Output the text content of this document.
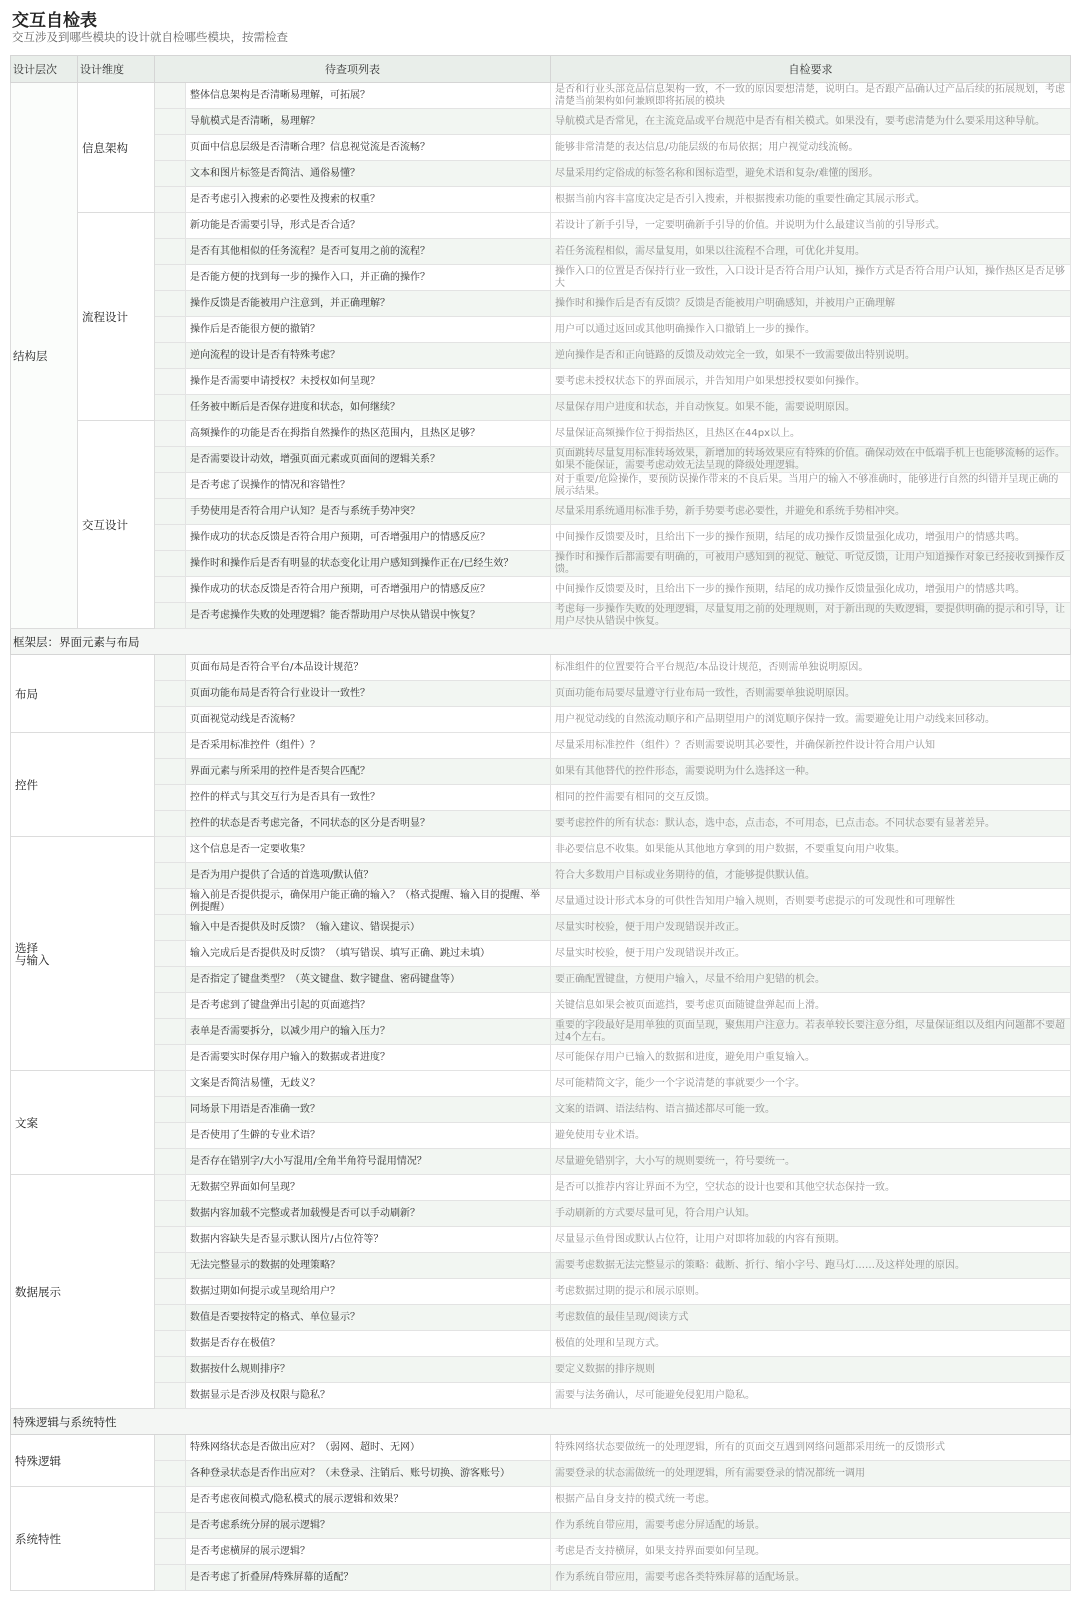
交互自检表
交互涉及到哪些模块的设计就自检哪些模块，按需检查
设计层次	设计维度	待查项列表		自检要求
结构层	信息架构		整体信息架构是否清晰易理解，可拓展？	是否和行业头部竞品信息架构一致，不一致的原因要想清楚，说明白。是否跟产品确认过产品后续的拓展规划，考虑清楚当前架构如何兼顾即将拓展的模块
			导航模式是否清晰，易理解？	导航模式是否常见，在主流竞品或平台规范中是否有相关模式。如果没有，要考虑清楚为什么要采用这种导航。
			页面中信息层级是否清晰合理？信息视觉流是否流畅？	能够非常清楚的表达信息/功能层级的布局依据；用户视觉动线流畅。
			文本和图片标签是否简洁、通俗易懂？	尽量采用约定俗成的标签名称和图标造型，避免术语和复杂/难懂的图形。
			是否考虑引入搜索的必要性及搜索的权重？	根据当前内容丰富度决定是否引入搜索，并根据搜索功能的重要性确定其展示形式。
	流程设计		新功能是否需要引导，形式是否合适？	若设计了新手引导，一定要明确新手引导的价值。并说明为什么最建议当前的引导形式。
			是否有其他相似的任务流程？是否可复用之前的流程？	若任务流程相似，需尽量复用，如果以往流程不合理，可优化并复用。
			是否能方便的找到每一步的操作入口，并正确的操作？	操作入口的位置是否保持行业一致性，入口设计是否符合用户认知，操作方式是否符合用户认知，操作热区是否足够大
			操作反馈是否能被用户注意到，并正确理解？	操作时和操作后是否有反馈？反馈是否能被用户明确感知，并被用户正确理解
			操作后是否能很方便的撤销？	用户可以通过返回或其他明确操作入口撤销上一步的操作。
			逆向流程的设计是否有特殊考虑？	逆向操作是否和正向链路的反馈及动效完全一致，如果不一致需要做出特别说明。
			操作是否需要申请授权？未授权如何呈现？	要考虑未授权状态下的界面展示，并告知用户如果想授权要如何操作。
			任务被中断后是否保存进度和状态，如何继续？	尽量保存用户进度和状态，并自动恢复。如果不能，需要说明原因。
	交互设计		高频操作的功能是否在拇指自然操作的热区范围内，且热区足够？	尽量保证高频操作位于拇指热区，且热区在44px以上。
			是否需要设计动效，增强页面元素或页面间的逻辑关系？	页面跳转尽量复用标准转场效果，新增加的转场效果应有特殊的价值。确保动效在中低端手机上也能够流畅的运作。如果不能保证，需要考虑动效无法呈现的降级处理逻辑。
			是否考虑了误操作的情况和容错性？	对于重要/危险操作，要预防误操作带来的不良后果。当用户的输入不够准确时，能够进行自然的纠错并呈现正确的展示结果。
			手势使用是否符合用户认知？是否与系统手势冲突？	尽量采用系统通用标准手势，新手势要考虑必要性，并避免和系统手势相冲突。
			操作成功的状态反馈是否符合用户预期，可否增强用户的情感反应？	中间操作反馈要及时，且给出下一步的操作预期，结尾的成功操作反馈量强化成功，增强用户的情感共鸣。
			操作时和操作后是否有明显的状态变化让用户感知到操作正在/已经生效？	操作时和操作后都需要有明确的，可被用户感知到的视觉、触觉、听觉反馈，让用户知道操作对象已经接收到操作反馈。
			操作成功的状态反馈是否符合用户预期，可否增强用户的情感反应？	中间操作反馈要及时，且给出下一步的操作预期，结尾的成功操作反馈量强化成功，增强用户的情感共鸣。
			是否考虑操作失败的处理逻辑？能否帮助用户尽快从错误中恢复？	考虑每一步操作失败的处理逻辑，尽量复用之前的处理规则，对于新出现的失败逻辑，要提供明确的提示和引导，让用户尽快从错误中恢复。
框架层：界面元素与布局				
布局			页面布局是否符合平台/本品设计规范？	标准组件的位置要符合平台规范/本品设计规范，否则需单独说明原因。
			页面功能布局是否符合行业设计一致性？	页面功能布局要尽量遵守行业布局一致性，否则需要单独说明原因。
			页面视觉动线是否流畅？	用户视觉动线的自然流动顺序和产品期望用户的浏览顺序保持一致。需要避免让用户动线来回移动。
控件			是否采用标准控件（组件）？	尽量采用标准控件（组件）？否则需要说明其必要性，并确保新控件设计符合用户认知
			界面元素与所采用的控件是否契合匹配？	如果有其他替代的控件形态，需要说明为什么选择这一种。
			控件的样式与其交互行为是否具有一致性？	相同的控件需要有相同的交互反馈。
			控件的状态是否考虑完备，不同状态的区分是否明显？	要考虑控件的所有状态：默认态，选中态，点击态，不可用态，已点击态。不同状态要有显著差异。
选择
与输入			这个信息是否一定要收集？	非必要信息不收集。如果能从其他地方拿到的用户数据，不要重复向用户收集。
			是否为用户提供了合适的首选项/默认值？	符合大多数用户目标或业务期待的值，才能够提供默认值。
			输入前是否提供提示，确保用户能正确的输入？（格式提醒、输入目的提醒、举例提醒）	尽量通过设计形式本身的可供性告知用户输入规则，否则要考虑提示的可发现性和可理解性
			输入中是否提供及时反馈？（输入建议、错误提示）	尽量实时校验，便于用户发现错误并改正。
			输入完成后是否提供及时反馈？（填写错误、填写正确、跳过未填）	尽量实时校验，便于用户发现错误并改正。
			是否指定了键盘类型？（英文键盘、数字键盘、密码键盘等）	要正确配置键盘，方便用户输入，尽量不给用户犯错的机会。
			是否考虑到了键盘弹出引起的页面遮挡？	关键信息如果会被页面遮挡，要考虑页面随键盘弹起而上滑。
			表单是否需要拆分，以减少用户的输入压力？	重要的字段最好是用单独的页面呈现，聚焦用户注意力。若表单较长要注意分组，尽量保证组以及组内问题都不要超过4个左右。
			是否需要实时保存用户输入的数据或者进度？	尽可能保存用户已输入的数据和进度，避免用户重复输入。
文案			文案是否简洁易懂，无歧义？	尽可能精简文字，能少一个字说清楚的事就要少一个字。
			同场景下用语是否准确一致？	文案的语调、语法结构、语言描述都尽可能一致。
			是否使用了生僻的专业术语？	避免使用专业术语。
			是否存在错别字/大小写混用/全角半角符号混用情况？	尽量避免错别字，大小写的规则要统一，符号要统一。
数据展示			无数据空界面如何呈现？	是否可以推荐内容让界面不为空，空状态的设计也要和其他空状态保持一致。
			数据内容加载不完整或者加载慢是否可以手动刷新？	手动刷新的方式要尽量可见，符合用户认知。
			数据内容缺失是否显示默认图片/占位符等？	尽量显示鱼骨图或默认占位符，让用户对即将加载的内容有预期。
			无法完整显示的数据的处理策略？	需要考虑数据无法完整显示的策略：截断、折行、缩小字号、跑马灯……及这样处理的原因。
			数据过期如何提示或呈现给用户？	考虑数据过期的提示和展示原则。
			数值是否要按特定的格式、单位显示？	考虑数值的最佳呈现/阅读方式
			数据是否存在极值？	极值的处理和呈现方式。
			数据按什么规则排序？	要定义数据的排序规则
			数据显示是否涉及权限与隐私？	需要与法务确认，尽可能避免侵犯用户隐私。
特殊逻辑与系统特性				
特殊逻辑			特殊网络状态是否做出应对？（弱网、超时、无网）	特殊网络状态要做统一的处理逻辑，所有的页面交互遇到网络问题都采用统一的反馈形式
			各种登录状态是否作出应对？（未登录、注销后、账号切换、游客账号）	需要登录的状态需做统一的处理逻辑，所有需要登录的情况都统一调用
系统特性			是否考虑夜间模式/隐私模式的展示逻辑和效果？	根据产品自身支持的模式统一考虑。
			是否考虑系统分屏的展示逻辑？	作为系统自带应用，需要考虑分屏适配的场景。
			是否考虑横屏的展示逻辑？	考虑是否支持横屏，如果支持界面要如何呈现。
			是否考虑了折叠屏/特殊屏幕的适配？	作为系统自带应用，需要考虑各类特殊屏幕的适配场景。
